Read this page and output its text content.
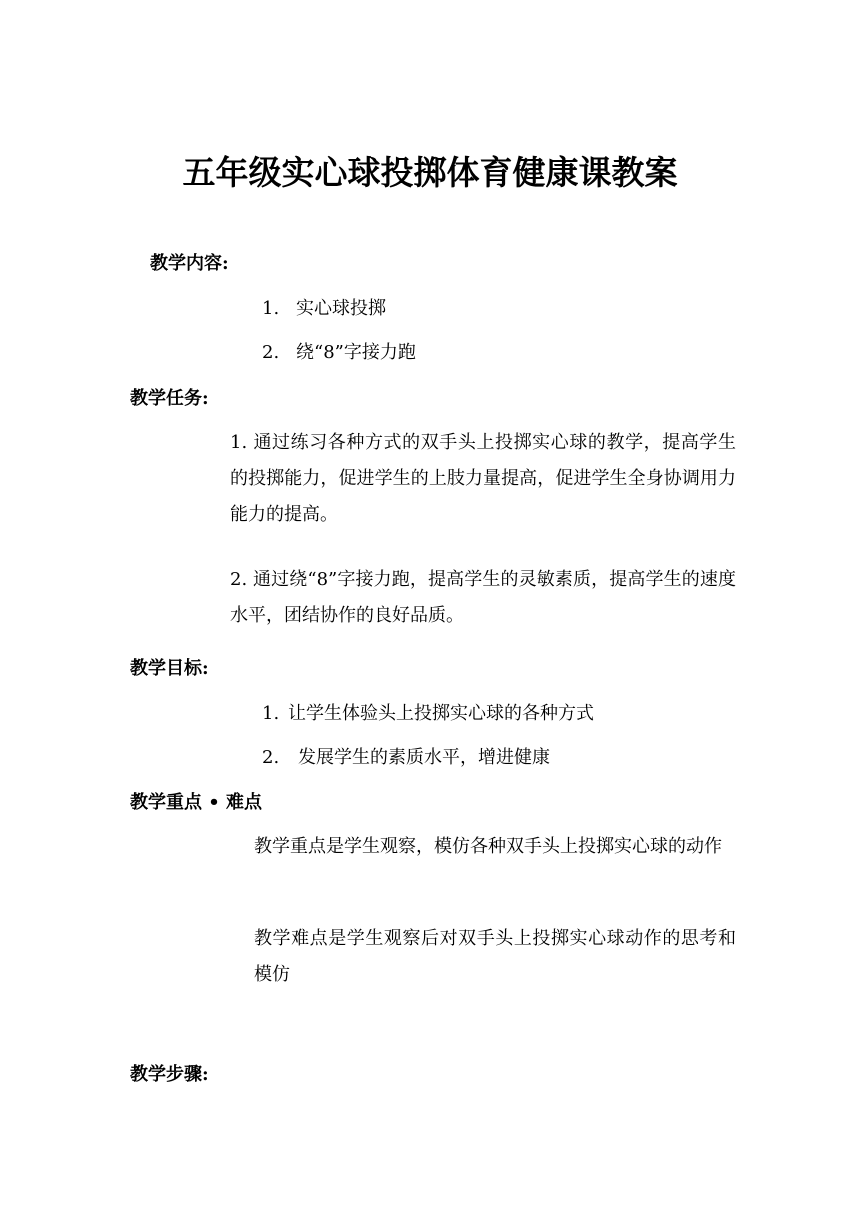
五年级实心球投掷体育健康课教案
教学内容:
1. 实心球投掷
2. 绕“8”字接力跑
教学任务:
1. 通过练习各种方式的双手头上投掷实心球的教学，提高学生的投掷能力，促进学生的上肢力量提高，促进学生全身协调用力能力的提高。
2. 通过绕“8”字接力跑，提高学生的灵敏素质，提高学生的速度水平，团结协作的良好品质。
教学目标:
1. 让学生体验头上投掷实心球的各种方式
2. 发展学生的素质水平，增进健康
教学重点 • 难点
教学重点是学生观察，模仿各种双手头上投掷实心球的动作
教学难点是学生观察后对双手头上投掷实心球动作的思考和模仿
教学步骤:
